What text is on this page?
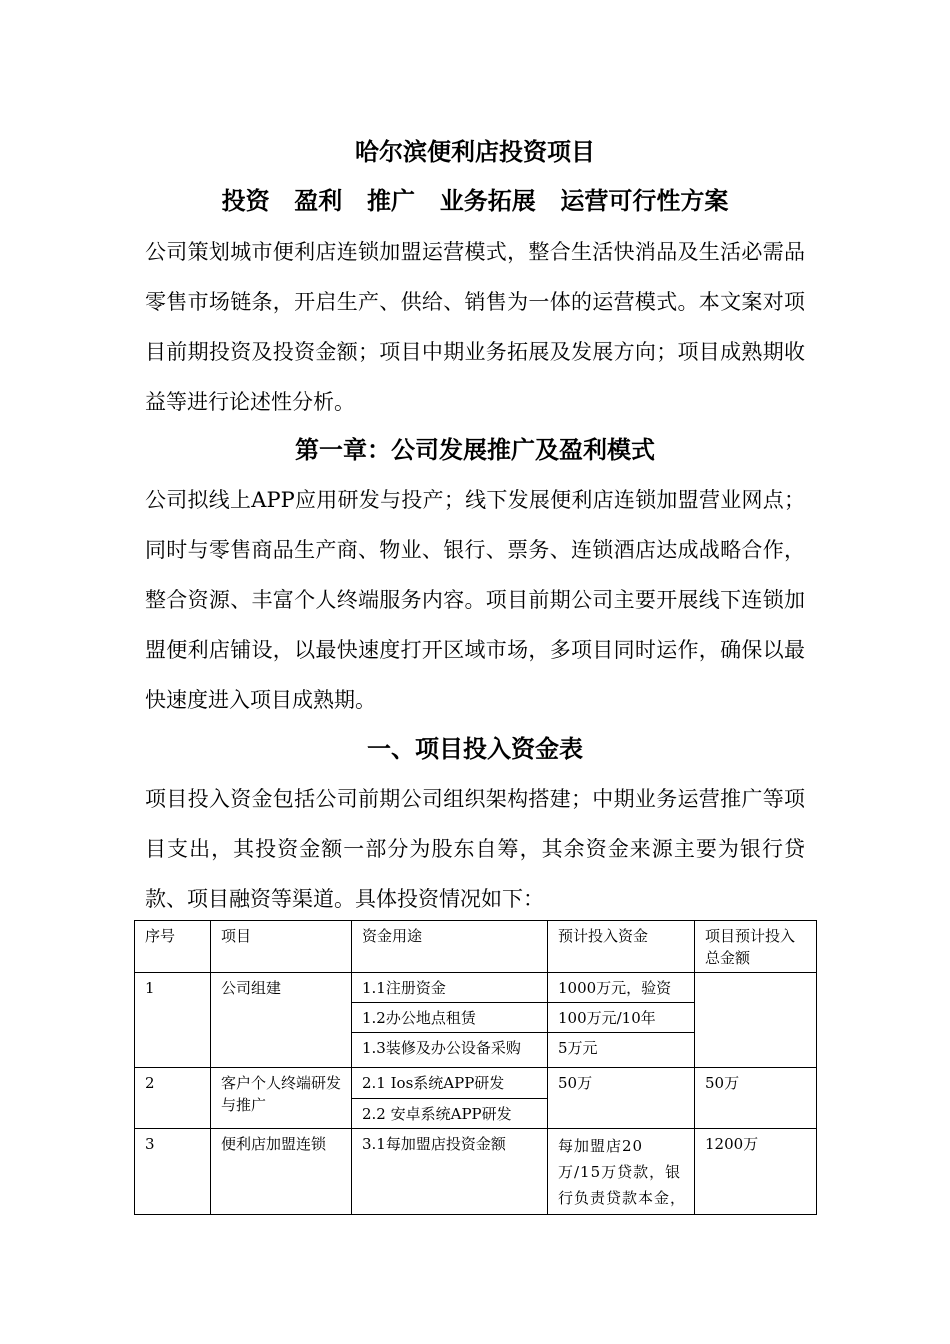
哈尔滨便利店投资项目
投资  盈利  推广  业务拓展  运营可行性方案

公司策划城市便利店连锁加盟运营模式，整合生活快消品及生活必需品零售市场链条，开启生产、供给、销售为一体的运营模式。本文案对项目前期投资及投资金额；项目中期业务拓展及发展方向；项目成熟期收益等进行论述性分析。

第一章：公司发展推广及盈利模式

公司拟线上APP应用研发与投产；线下发展便利店连锁加盟营业网点；同时与零售商品生产商、物业、银行、票务、连锁酒店达成战略合作，整合资源、丰富个人终端服务内容。项目前期公司主要开展线下连锁加盟便利店铺设，以最快速度打开区域市场，多项目同时运作，确保以最快速度进入项目成熟期。

一、项目投入资金表

项目投入资金包括公司前期公司组织架构搭建；中期业务运营推广等项目支出，其投资金额一部分为股东自筹，其余资金来源主要为银行贷款、项目融资等渠道。具体投资情况如下：

序号	项目	资金用途	预计投入资金	项目预计投入总金额
1	公司组建	1.1注册资金	1000万元，验资	
		1.2办公地点租赁	100万元/10年	
		1.3装修及办公设备采购	5万元	
2	客户个人终端研发与推广	2.1 Ios系统APP研发	50万	50万
		2.2 安卓系统APP研发		
3	便利店加盟连锁	3.1每加盟店投资金额	每加盟店20万/15万贷款，银行负责贷款本金，	1200万
